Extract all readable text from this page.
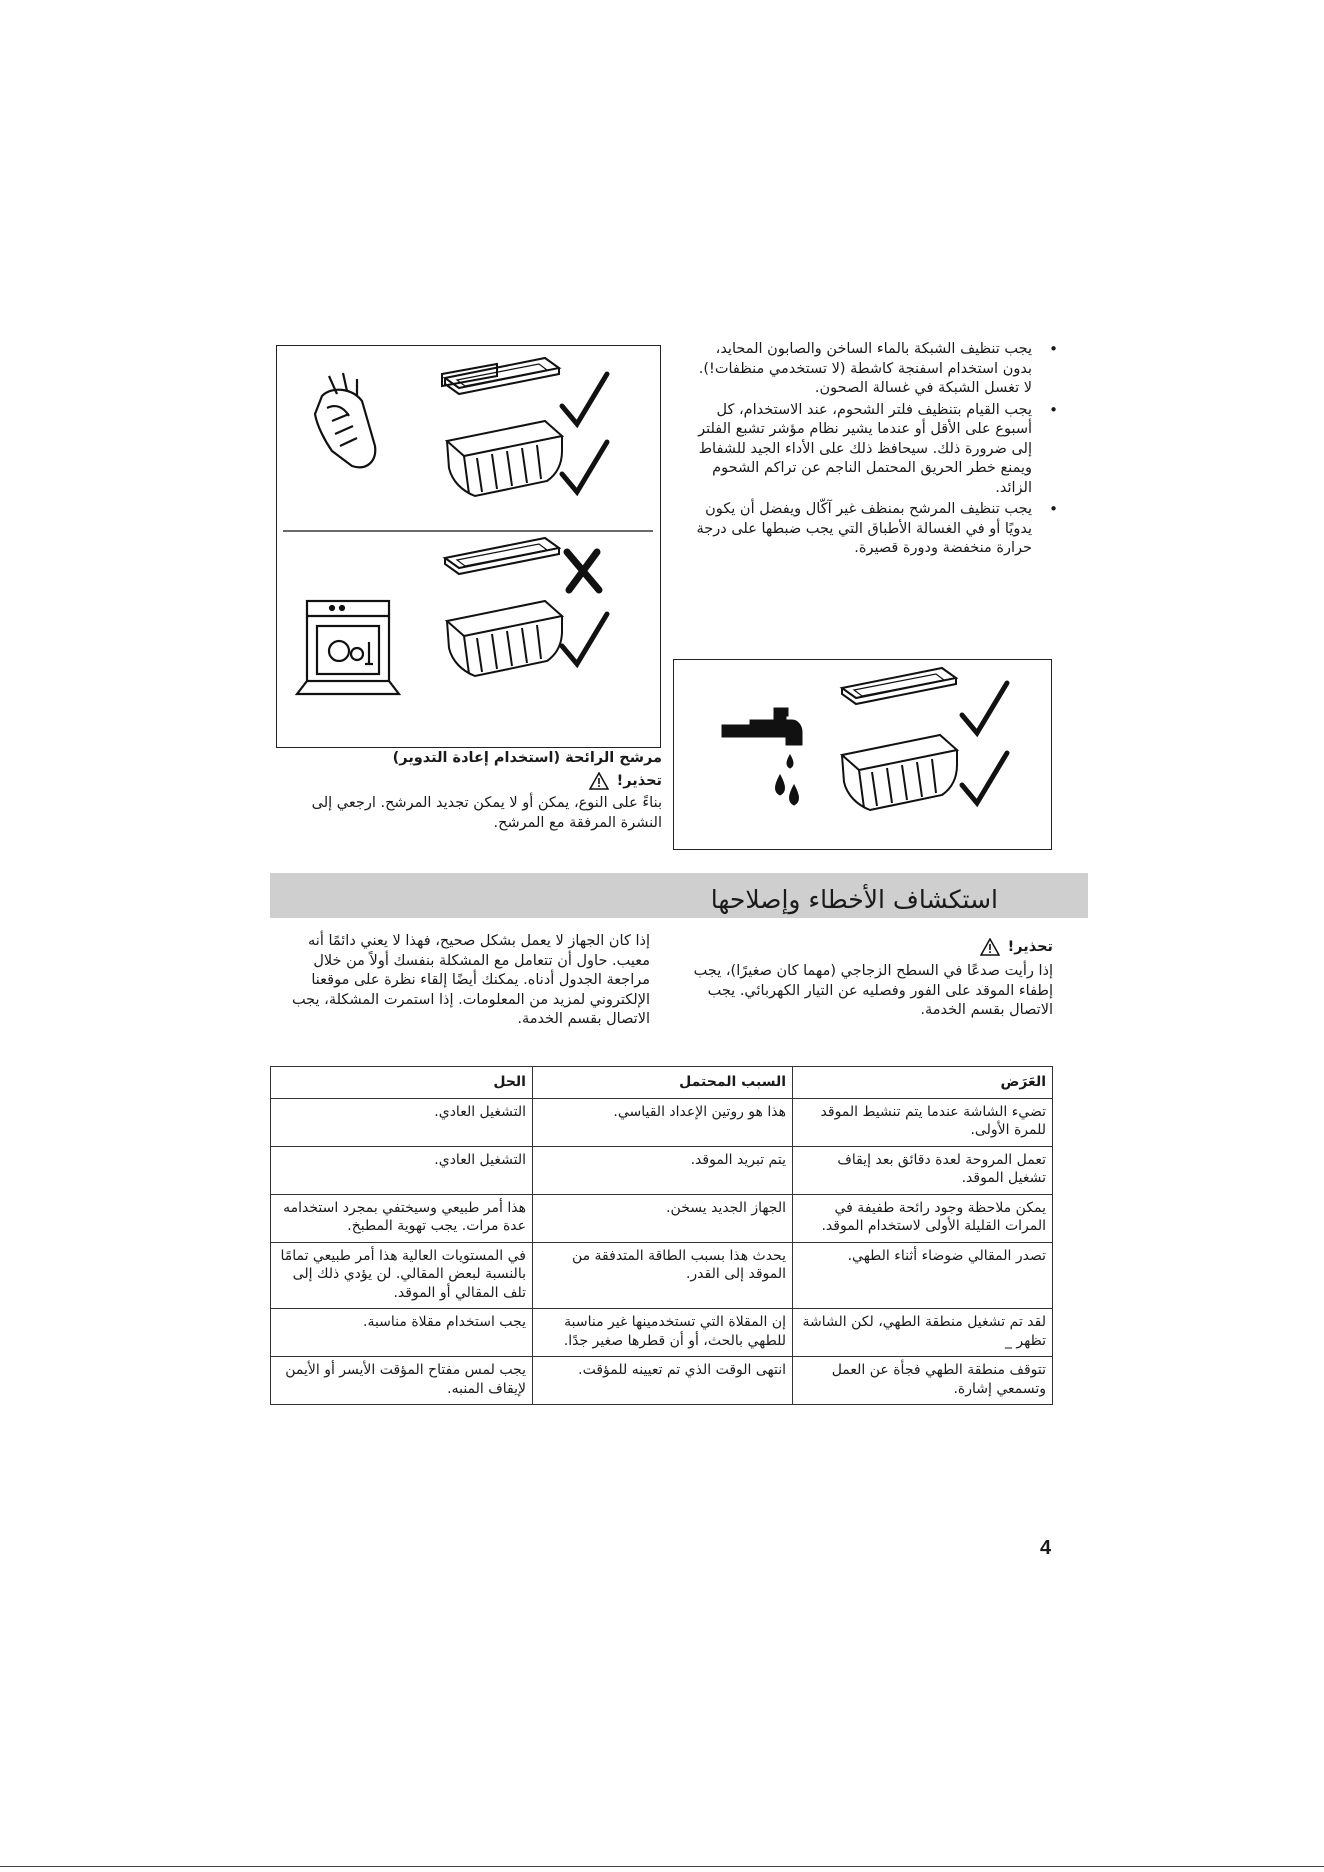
• يجب تنظيف الشبكة بالماء الساخن والصابون المحايد، بدون استخدام اسفنجة كاشطة (لا تستخدمي منظفات!). لا تغسل الشبكة في غسالة الصحون.
• يجب القيام بتنظيف فلتر الشحوم، عند الاستخدام، كل أسبوع على الأقل أو عندما يشير نظام مؤشر تشبع الفلتر إلى ضرورة ذلك. سيحافظ ذلك على الأداء الجيد للشفاط ويمنع خطر الحريق المحتمل الناجم عن تراكم الشحوم الزائد.
• يجب تنظيف المرشح بمنظف غير آكّال ويفضل أن يكون يدويًا أو في الغسالة الأطباق التي يجب ضبطها على درجة حرارة منخفضة ودورة قصيرة.
مرشح الرائحة (استخدام إعادة التدوير)
تحذير!
بناءً على النوع، يمكن أو لا يمكن تجديد المرشح. ارجعي إلى النشرة المرفقة مع المرشح.
استكشاف الأخطاء وإصلاحها
تحذير!
إذا رأيت صدعًا في السطح الزجاجي (مهما كان صغيرًا)، يجب إطفاء الموقد على الفور وفصليه عن التيار الكهربائي. يجب الاتصال بقسم الخدمة.
إذا كان الجهاز لا يعمل بشكل صحيح، فهذا لا يعني دائمًا أنه معيب. حاول أن تتعامل مع المشكلة بنفسك أولاً من خلال مراجعة الجدول أدناه. يمكنك أيضًا إلقاء نظرة على موقعنا الإلكتروني لمزيد من المعلومات. إذا استمرت المشكلة، يجب الاتصال بقسم الخدمة.
العَرَض	السبب المحتمل	الحل
تضيء الشاشة عندما يتم تنشيط الموقد للمرة الأولى.	هذا هو روتين الإعداد القياسي.	التشغيل العادي.
تعمل المروحة لعدة دقائق بعد إيقاف تشغيل الموقد.	يتم تبريد الموقد.	التشغيل العادي.
يمكن ملاحظة وجود رائحة طفيفة في المرات القليلة الأولى لاستخدام الموقد.	الجهاز الجديد يسخن.	هذا أمر طبيعي وسيختفي بمجرد استخدامه عدة مرات. يجب تهوية المطبخ.
تصدر المقالي ضوضاء أثناء الطهي.	يحدث هذا بسبب الطاقة المتدفقة من الموقد إلى القدر.	في المستويات العالية هذا أمر طبيعي تمامًا بالنسبة لبعض المقالي. لن يؤدي ذلك إلى تلف المقالي أو الموقد.
لقد تم تشغيل منطقة الطهي، لكن الشاشة تظهر _	إن المقلاة التي تستخدمينها غير مناسبة للطهي بالحث، أو أن قطرها صغير جدًا.	يجب استخدام مقلاة مناسبة.
تتوقف منطقة الطهي فجأة عن العمل وتسمعي إشارة.	انتهى الوقت الذي تم تعيينه للمؤقت.	يجب لمس مفتاح المؤقت الأيسر أو الأيمن لإيقاف المنبه.
4
